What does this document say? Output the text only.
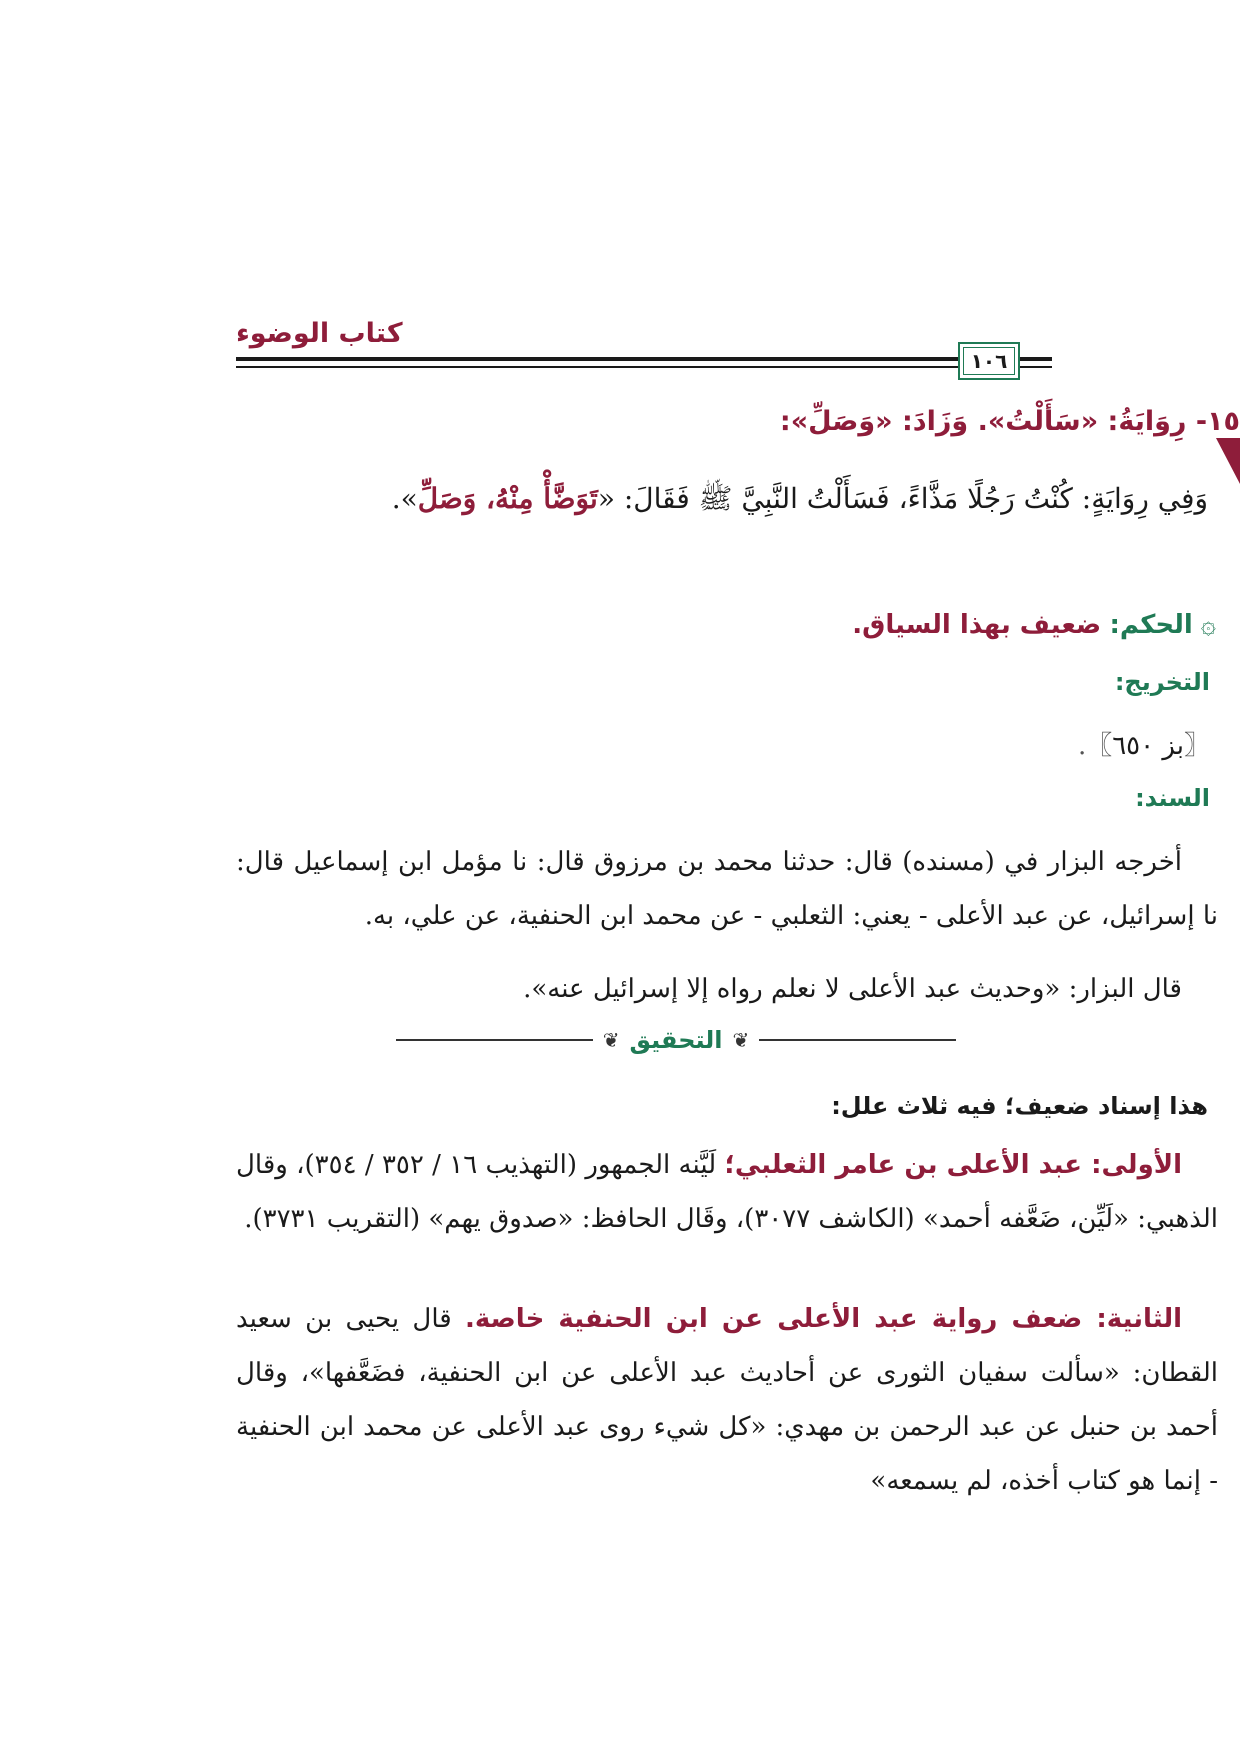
كتاب الوضوء
١٠٦
١٥- رِوَايَةُ: «سَأَلْتُ». وَزَادَ: «وَصَلِّ»:
وَفِي رِوَايَةٍ: كُنْتُ رَجُلًا مَذَّاءً، فَسَأَلْتُ النَّبِيَّ ﷺ فَقَالَ: «تَوَضَّأْ مِنْهُ، وَصَلِّ».
۞الحكم: ضعيف بهذا السياق.
التخريج:
〖بز ٦٥٠〗.
السند:
أخرجه البزار في (مسنده) قال: حدثنا محمد بن مرزوق قال: نا مؤمل ابن إسماعيل قال: نا إسرائيل، عن عبد الأعلى - يعني: الثعلبي - عن محمد ابن الحنفية، عن علي، به.
قال البزار: «وحديث عبد الأعلى لا نعلم رواه إلا إسرائيل عنه».
❦ التحقيق ❦
هذا إسناد ضعيف؛ فيه ثلاث علل:
الأولى: عبد الأعلى بن عامر الثعلبي؛ لَيَّنه الجمهور (التهذيب ١٦ / ٣٥٢ / ٣٥٤)، وقال الذهبي: «لَيِّن، ضَعَّفه أحمد» (الكاشف ٣٠٧٧)، وقَال الحافظ: «صدوق يهم» (التقريب ٣٧٣١).
الثانية: ضعف رواية عبد الأعلى عن ابن الحنفية خاصة. قال يحيى بن سعيد القطان: «سألت سفيان الثورى عن أحاديث عبد الأعلى عن ابن الحنفية، فضَعَّفها»، وقال أحمد بن حنبل عن عبد الرحمن بن مهدي: «كل شيء روى عبد الأعلى عن محمد ابن الحنفية - إنما هو كتاب أخذه، لم يسمعه»
